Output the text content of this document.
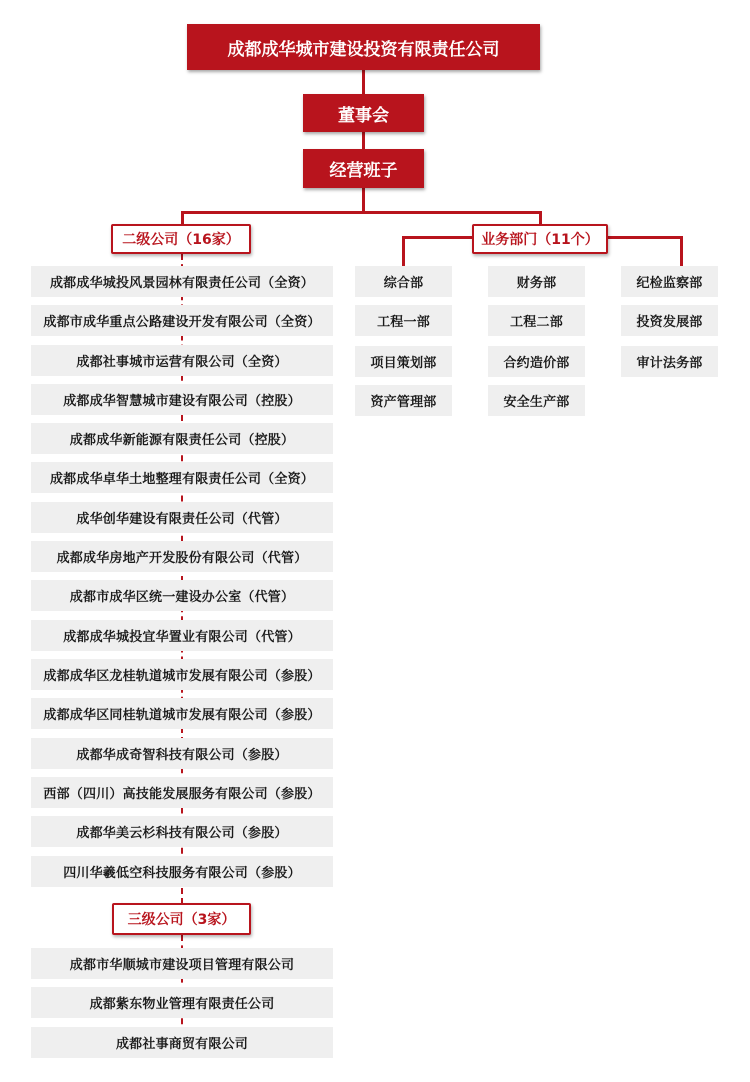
成都成华城市建设投资有限责任公司
董事会
经营班子
二级公司（16家）	业务部门（11个）
成都成华城投风景园林有限责任公司（全资）
成都市成华重点公路建设开发有限公司（全资）
成都社事城市运营有限公司（全资）
成都成华智慧城市建设有限公司（控股）
成都成华新能源有限责任公司（控股）
成都成华卓华土地整理有限责任公司（全资）
成华创华建设有限责任公司（代管）
成都成华房地产开发股份有限公司（代管）
成都市成华区统一建设办公室（代管）
成都成华城投宜华置业有限公司（代管）
成都成华区龙桂轨道城市发展有限公司（参股）
成都成华区同桂轨道城市发展有限公司（参股）
成都华成奇智科技有限公司（参股）
西部（四川）高技能发展服务有限公司（参股）
成都华美云杉科技有限公司（参股）
四川华羲低空科技服务有限公司（参股）
三级公司（3家）
成都市华顺城市建设项目管理有限公司
成都紫东物业管理有限责任公司
成都社事商贸有限公司
综合部
工程一部
项目策划部
资产管理部
财务部
工程二部
合约造价部
安全生产部
纪检监察部
投资发展部
审计法务部
